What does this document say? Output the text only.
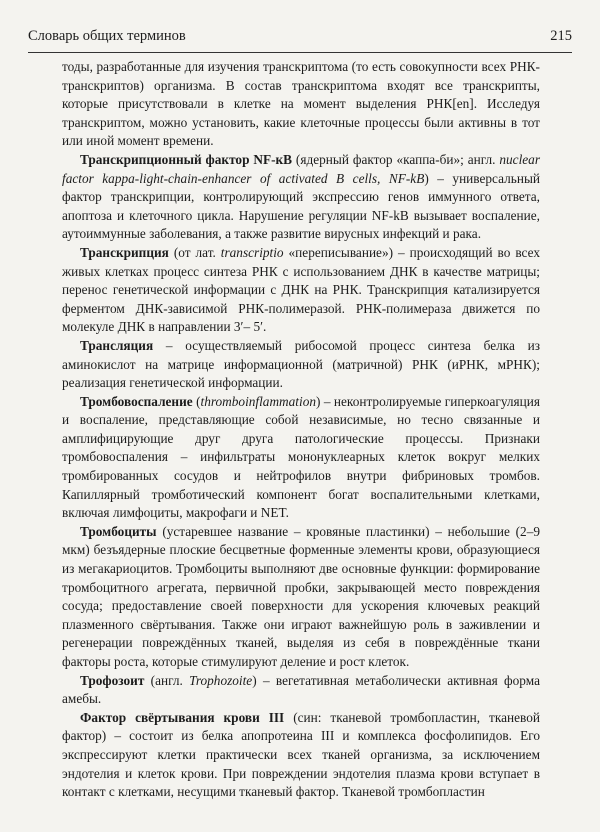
Словарь общих терминов	215

тоды, разработанные для изучения транскриптома (то есть совокупности всех РНК-транскриптов) организма. В состав транскриптома входят все транскрипты, которые присутствовали в клетке на момент выделения РНК[en]. Исследуя транскриптом, можно установить, какие клеточные процессы были активны в тот или иной момент времени.

Транскрипционный фактор NF-кB (ядерный фактор «каппа-би»; англ. nuclear factor kappa-light-chain-enhancer of activated B cells, NF-kB) – универсальный фактор транскрипции, контролирующий экспрессию генов иммунного ответа, апоптоза и клеточного цикла. Нарушение регуляции NF-kB вызывает воспаление, аутоиммунные заболевания, а также развитие вирусных инфекций и рака.

Транскрипция (от лат. transcriptio «переписывание») – происходящий во всех живых клетках процесс синтеза РНК с использованием ДНК в качестве матрицы; перенос генетической информации с ДНК на РНК. Транскрипция катализируется ферментом ДНК-зависимой РНК-полимеразой. РНК-полимераза движется по молекуле ДНК в направлении 3′– 5′.

Трансляция – осуществляемый рибосомой процесс синтеза белка из аминокислот на матрице информационной (матричной) РНК (иРНК, мРНК); реализация генетической информации.

Тромбовоспаление (thromboinflammation) – неконтролируемые гиперкоагуляция и воспаление, представляющие собой независимые, но тесно связанные и амплифицирующие друг друга патологические процессы. Признаки тромбовоспаления – инфильтраты мононуклеарных клеток вокруг мелких тромбированных сосудов и нейтрофилов внутри фибриновых тромбов. Капиллярный тромботический компонент богат воспалительными клетками, включая лимфоциты, макрофаги и NET.

Тромбоциты (устаревшее название – кровяные пластинки) – небольшие (2–9 мкм) безъядерные плоские бесцветные форменные элементы крови, образующиеся из мегакариоцитов. Тромбоциты выполняют две основные функции: формирование тромбоцитного агрегата, первичной пробки, закрывающей место повреждения сосуда; предоставление своей поверхности для ускорения ключевых реакций плазменного свёртывания. Также они играют важнейшую роль в заживлении и регенерации повреждённых тканей, выделяя из себя в повреждённые ткани факторы роста, которые стимулируют деление и рост клеток.

Трофозоит (англ. Trophozoite) – вегетативная метаболически активная форма амебы.

Фактор свёртывания крови III (син: тканевой тромбопластин, тканевой фактор) – состоит из белка апопротеина III и комплекса фосфолипидов. Его экспрессируют клетки практически всех тканей организма, за исключением эндотелия и клеток крови. При повреждении эндотелия плазма крови вступает в контакт с клетками, несущими тканевый фактор. Тканевой тромбопластин
